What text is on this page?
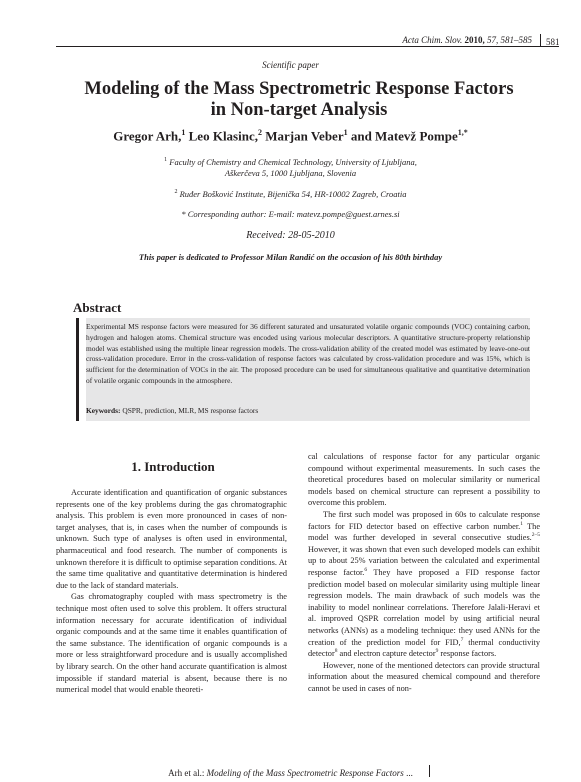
Acta Chim. Slov. 2010, 57, 581–585 581
Scientific paper
Modeling of the Mass Spectrometric Response Factors
in Non-target Analysis
Gregor Arh,$^1$ Leo Klasinc,$^2$ Marjan Veber$^1$ and Matevž Pompe$^{1,*}$
$^1$ Faculty of Chemistry and Chemical Technology, University of Ljubljana,
Aškerčeva 5, 1000 Ljubljana, Slovenia
$^2$ Ruđer Bošković Institute, Bijenička 54, HR-10002 Zagreb, Croatia
* Corresponding author: E-mail: matevz.pompe@guest.arnes.si
Received: 28-05-2010
This paper is dedicated to Professor Milan Randić on the occasion of his 80th birthday
Abstract
Experimental MS response factors were measured for 36 different saturated and unsaturated volatile organic compounds (VOC) containing carbon, hydrogen and halogen atoms. Chemical structure was encoded using various molecular descriptors. A quantitative structure-property relationship model was established using the multiple linear regression models. The cross-validation ability of the created model was estimated by leave-one-out cross-validation procedure. Error in the cross-validation of response factors was calculated by cross-validation procedure and was 15%, which is sufficient for the determination of VOCs in the air. The proposed procedure can be used for simultaneous qualitative and quantitative determination of volatile organic compounds in the atmosphere.
Keywords: QSPR, prediction, MLR, MS response factors
1. Introduction

Accurate identification and quantification of organic substances represents one of the key problems during the gas chromatographic analysis. This problem is even more pronounced in cases of non-target analyses, that is, in cases when the number of compounds is unknown. Such type of analyses is often used in environmental, pharmaceutical and food research. The number of components is unknown therefore it is difficult to optimise separation conditions. At the same time qualitative and quantitative determination is hindered due to the lack of standard materials.

Gas chromatography coupled with mass spectrometry is the technique most often used to solve this problem. It offers structural information necessary for accurate identification of individual organic compounds and at the same time it enables quantification of the same substance. The identification of organic compounds is a more or less straightforward procedure and is usually accomplished by library search. On the other hand accurate quantification is almost impossible if standard material is absent, because there is no numerical model that would enable theoreti-

cal calculations of response factor for any particular organic compound without experimental measurements. In such cases the theoretical procedures based on molecular similarity or numerical models based on chemical structure can represent a possibility to overcome this problem.

The first such model was proposed in 60s to calculate response factors for FID detector based on effective carbon number.$^1$ The model was further developed in several consecutive studies.$^{2-5}$ However, it was shown that even such developed models can exhibit up to about 25% variation between the calculated and experimental response factor.$^6$ They have proposed a FID response factor prediction model based on molecular similarity using multiple linear regression models. The main drawback of such models was the inability to model nonlinear correlations. Therefore Jalali-Heravi et al. improved QSPR correlation model by using artificial neural networks (ANNs) as a modeling technique: they used ANNs for the creation of the prediction model for FID,$^7$ thermal conductivity detector$^8$ and electron capture detector$^9$ response factors.

However, none of the mentioned detectors can provide structural information about the measured chemical compound and therefore cannot be used in cases of non-

Arh et al.: Modeling of the Mass Spectrometric Response Factors ...
